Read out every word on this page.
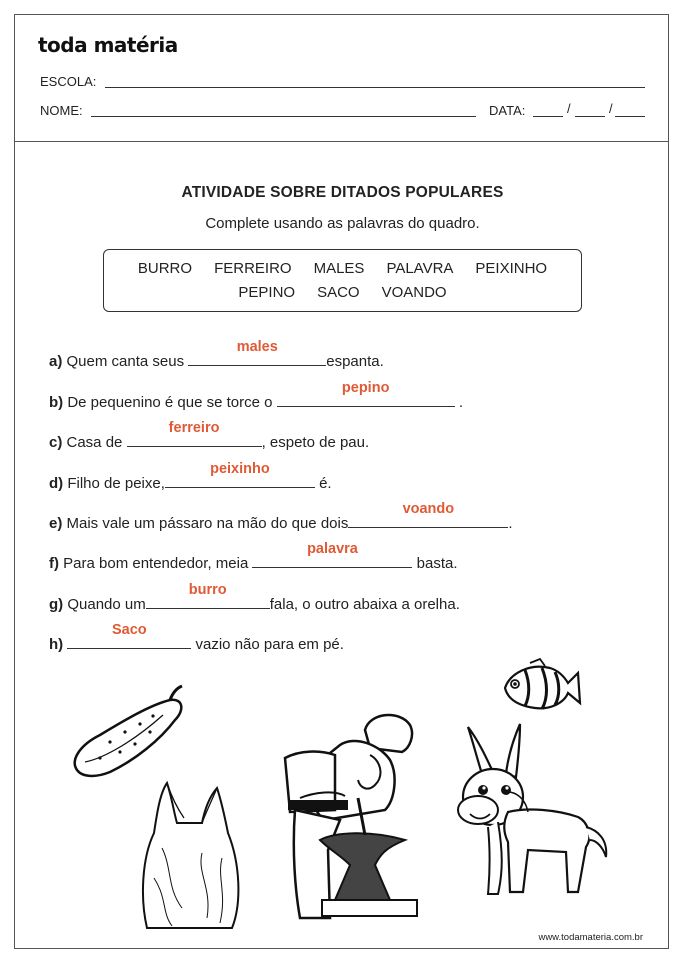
toda matéria
ESCOLA:
NOME:	DATA:	/	/
ATIVIDADE SOBRE DITADOS POPULARES
Complete usando as palavras do quadro.
BURRO FERREIRO MALES PALAVRA PEIXINHO
PEPINO SACO VOANDO
a) Quem canta seus
males
espanta.
b) De pequenino é que se torce o
pepino
.
c) Casa de
ferreiro
, espeto de pau.
d) Filho de peixe,
peixinho
é.
e) Mais vale um pássaro na mão do que dois
voando
.
f) Para bom entendedor, meia
palavra
basta.
g) Quando um
burro
fala, o outro abaixa a orelha.
h)
Saco
vazio não para em pé.
www.todamateria.com.br
